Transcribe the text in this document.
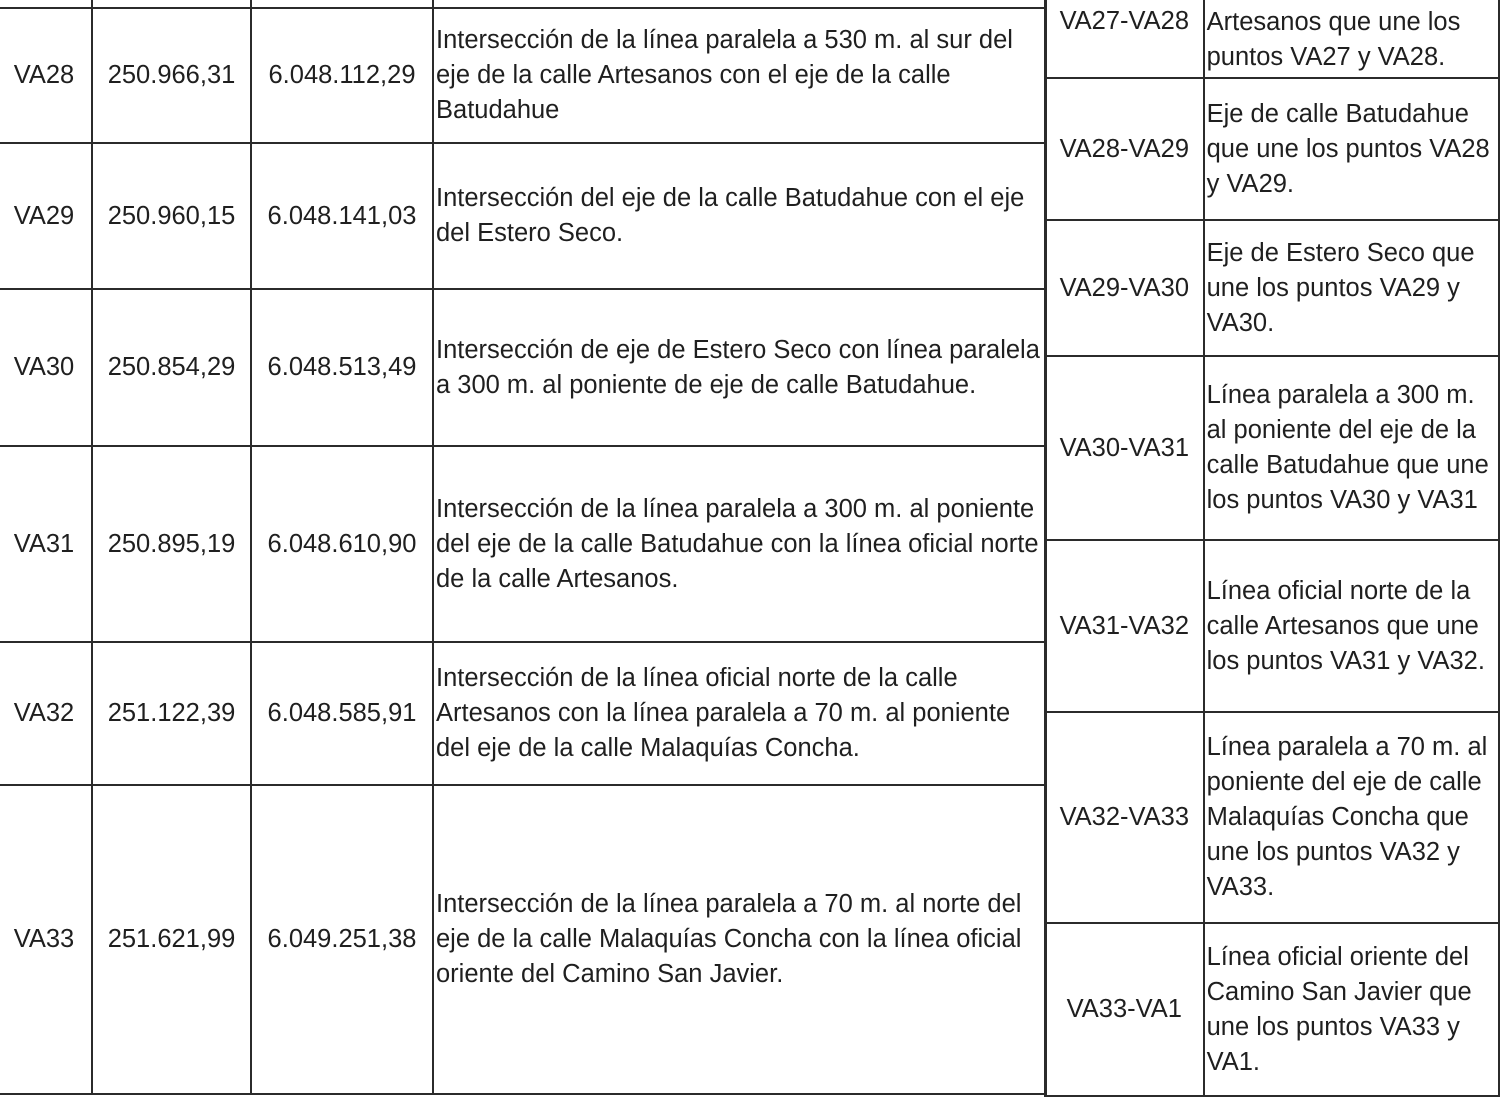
VA28	250.966,31	6.048.112,29	Intersección de la línea paralela a 530 m. al sur del eje de la calle Artesanos con el eje de la calle Batudahue
VA29	250.960,15	6.048.141,03	Intersección del eje de la calle Batudahue con el eje del Estero Seco.
VA30	250.854,29	6.048.513,49	Intersección de eje de Estero Seco con línea paralela a 300 m. al poniente de eje de calle Batudahue.
VA31	250.895,19	6.048.610,90	Intersección de la línea paralela a 300 m. al poniente del eje de la calle Batudahue con la línea oficial norte de la calle Artesanos.
VA32	251.122,39	6.048.585,91	Intersección de la línea oficial norte de la calle Artesanos con la línea paralela a 70 m. al poniente del eje de la calle Malaquías Concha.
VA33	251.621,99	6.049.251,38	Intersección de la línea paralela a 70 m. al norte del eje de la calle Malaquías Concha con la línea oficial oriente del Camino San Javier.
VA27-VA28	Artesanos que une los puntos VA27 y VA28.
VA28-VA29	Eje de calle Batudahue que une los puntos VA28 y VA29.
VA29-VA30	Eje de Estero Seco que une los puntos VA29 y VA30.
VA30-VA31	Línea paralela a 300 m. al poniente del eje de la calle Batudahue que une los puntos VA30 y VA31
VA31-VA32	Línea oficial norte de la calle Artesanos que une los puntos VA31 y VA32.
VA32-VA33	Línea paralela a 70 m. al poniente del eje de calle Malaquías Concha que une los puntos VA32 y VA33.
VA33-VA1	Línea oficial oriente del Camino San Javier que une los puntos VA33 y VA1.
